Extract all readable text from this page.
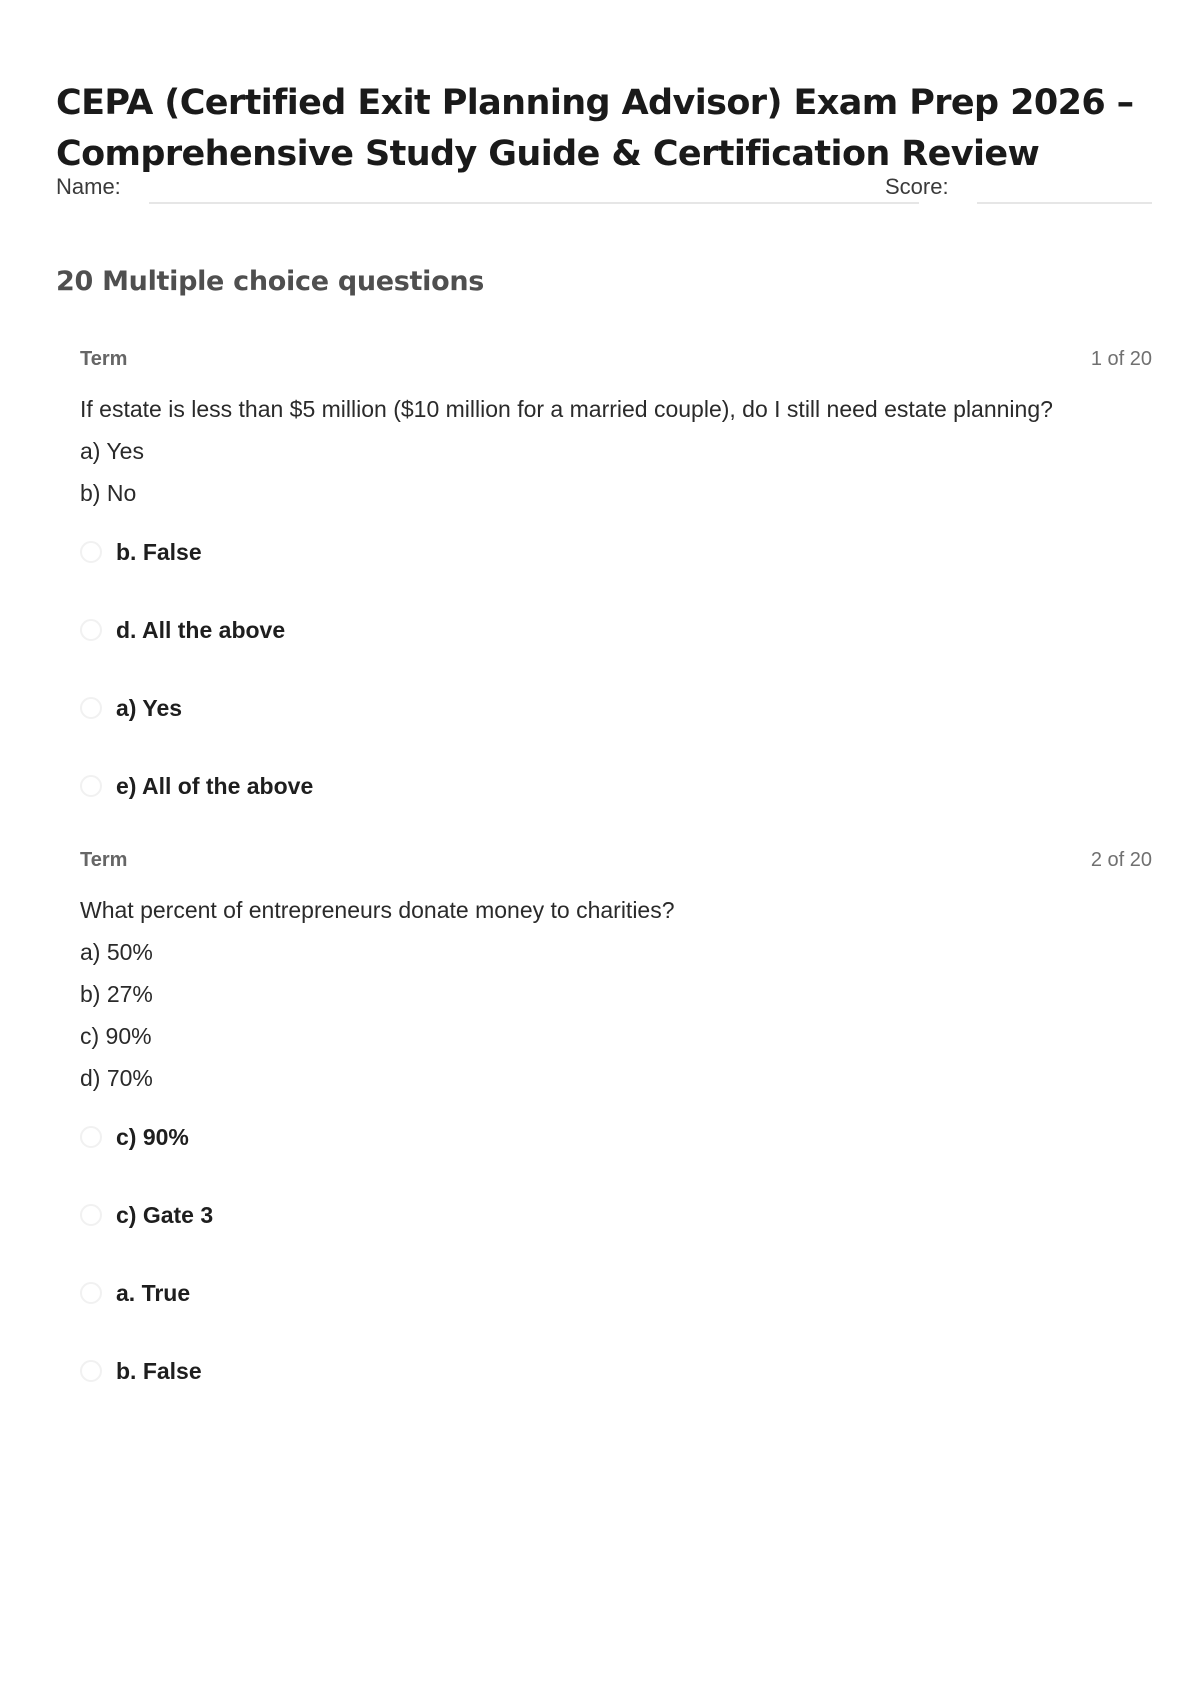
CEPA (Certified Exit Planning Advisor) Exam Prep 2026 –
Comprehensive Study Guide & Certification Review
Name:	Score:
20 Multiple choice questions
Term	1 of 20
If estate is less than $5 million ($10 million for a married couple), do I still need estate planning?
a) Yes
b) No
b. False
d. All the above
a) Yes
e) All of the above
Term	2 of 20
What percent of entrepreneurs donate money to charities?
a) 50%
b) 27%
c) 90%
d) 70%
c) 90%
c) Gate 3
a. True
b. False
